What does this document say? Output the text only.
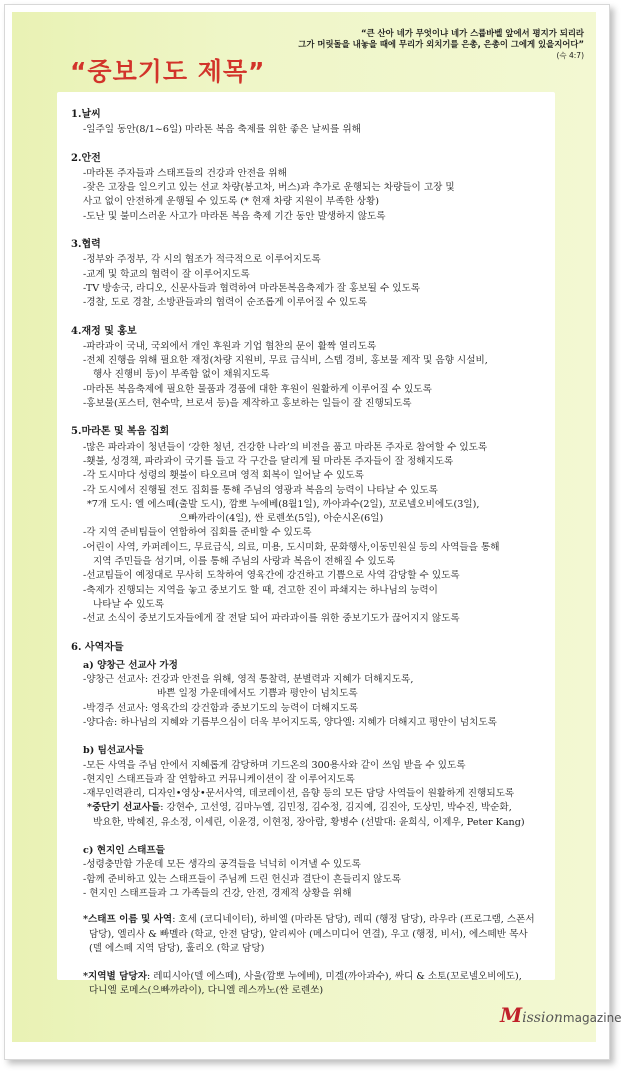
“중보기도 제목”
“큰 산아 네가 무엇이냐 네가 스룹바벨 앞에서 평지가 되리라
그가 머릿돌을 내놓을 때에 무리가 외치기를 은총, 은총이 그에게 있을지어다”
(슥 4:7)
1.날씨
-일주일 동안(8/1~6일) 마라톤 복음 축제를 위한 좋은 날씨를 위해
2.안전
-마라톤 주자들과 스태프들의 건강과 안전을 위해
-잦은 고장을 일으키고 있는 선교 차량(봉고차, 버스)과 추가로 운행되는 차량들이 고장 및
사고 없이 안전하게 운행될 수 있도록 (* 현재 차량 지원이 부족한 상황)
-도난 및 불미스러운 사고가 마라톤 복음 축제 기간 동안 발생하지 않도록
3.협력
-정부와 주정부, 각 시의 협조가 적극적으로 이루어지도록
-교계 및 학교의 협력이 잘 이루어지도록
-TV 방송국, 라디오, 신문사들과 협력하여 마라톤복음축제가 잘 홍보될 수 있도록
-경찰, 도로 경찰, 소방관들과의 협력이 순조롭게 이루어질 수 있도록
4.재정 및 홍보
-파라과이 국내, 국외에서 개인 후원과 기업 협찬의 문이 활짝 열리도록
-전체 진행을 위해 필요한 재정(차량 지원비, 무료 급식비, 스텝 경비, 홍보물 제작 및 음향 시설비,
행사 진행비 등)이 부족함 없이 채워지도록
-마라톤 복음축제에 필요한 물품과 경품에 대한 후원이 원활하게 이루어질 수 있도록
-홍보물(포스터, 현수막, 브로셔 등)을 제작하고 홍보하는 일들이 잘 진행되도록
5.마라톤 및 복음 집회
-많은 파라과이 청년들이 ‘강한 청년, 건강한 나라’의 비전을 품고 마라톤 주자로 참여할 수 있도록
-횃불, 성경책, 파라과이 국기를 들고 각 구간을 달리게 될 마라톤 주자들이 잘 정해지도록
-각 도시마다 성령의 횃불이 타오르며 영적 회복이 일어날 수 있도록
-각 도시에서 진행될 전도 집회를 통해 주님의 영광과 복음의 능력이 나타날 수 있도록
*7개 도시: 엘 에스떼(출발 도시), 깜뽀 누에베(8월1일), 까아과수(2일), 꼬로넬오비에도(3일),
으빠까라이(4일), 싼 로렌쏘(5일), 아순시온(6일)
-각 지역 준비팀들이 연합하여 집회를 준비할 수 있도록
-어린이 사역, 카퍼레이드, 무료급식, 의료, 미용, 도시미화, 문화행사,이동민원실 등의 사역들을 통해
지역 주민들을 섬기며, 이를 통해 주님의 사랑과 복음이 전해질 수 있도록
-선교팀들이 예정대로 무사히 도착하여 영육간에 강건하고 기쁨으로 사역 감당할 수 있도록
-축제가 진행되는 지역을 놓고 중보기도 할 때, 견고한 진이 파쇄지는 하나님의 능력이
나타날 수 있도록
-선교 소식이 중보기도자들에게 잘 전달 되어 파라과이를 위한 중보기도가 끊어지지 않도록
6. 사역자들
a) 양창근 선교사 가정
-양창근 선교사: 건강과 안전을 위해, 영적 통찰력, 분별력과 지혜가 더해지도록,
바쁜 일정 가운데에서도 기쁨과 평안이 넘치도록
-박경주 선교사: 영육간의 강건함과 중보기도의 능력이 더해지도록
-양다솜: 하나님의 지혜와 기름부으심이 더욱 부어지도록, 양다엘: 지혜가 더해지고 평안이 넘치도록
b) 팀선교사들
-모든 사역을 주님 안에서 지혜롭게 감당하며 기드온의 300용사와 같이 쓰임 받을 수 있도록
-현지인 스태프들과 잘 연합하고 커뮤니케이션이 잘 이루어지도록
-재무인력관리, 디자인•영상•문서사역, 데코레이션, 음향 등의 모든 담당 사역들이 원활하게 진행되도록
*중단기 선교사들: 강현수, 고선영, 김마누엘, 김민정, 김수정, 김지예, 김진아, 도상민, 박수진, 박순화,
박요한, 박혜진, 유소정, 이세린, 이윤경, 이현정, 장아람, 황병수 (선발대: 윤희식, 이제우, Peter Kang)
c) 현지인 스태프들
-성령충만함 가운데 모든 생각의 공격들을 넉넉히 이겨낼 수 있도록
-함께 준비하고 있는 스태프들이 주님께 드린 헌신과 결단이 흔들리지 않도록
- 현지인 스태프들과 그 가족들의 건강, 안전, 경제적 상황을 위해
*스태프 이름 및 사역: 호세 (코디네이터), 하비엘 (마라톤 담당), 레띠 (행정 담당), 라우라 (프로그램, 스폰서
담당), 엘리사 & 빠멜라 (학교, 안전 담당), 알리씨아 (메스미디어 연결), 우고 (행정, 비서), 에스떼반 목사
(델 에스떼 지역 담당), 훌리오 (학교 담당)
*지역별 담당자: 레띠시아(델 에스떼), 사울(깜뽀 누에베), 미겔(까아과수), 싸디 & 소토(꼬로넬오비에도),
다니엘 로메스(으빠까라이), 다니엘 레스까노(싼 로렌쏘)
Missionmagazine
